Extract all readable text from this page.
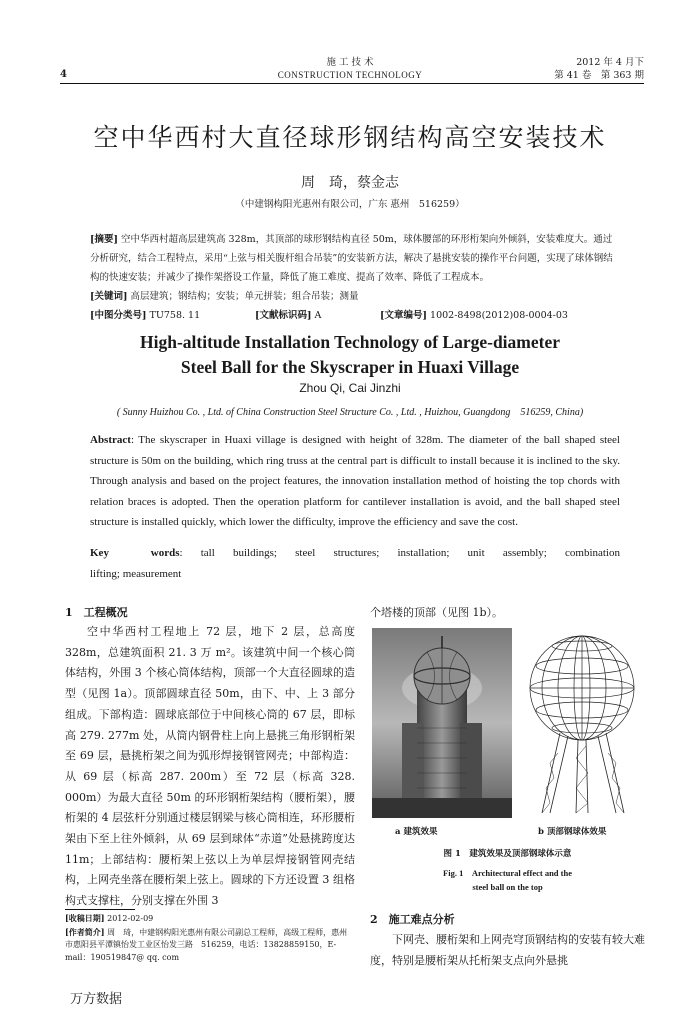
4
施 工 技 术
CONSTRUCTION TECHNOLOGY
2012 年 4 月下
第 41 卷　第 363 期
空中华西村大直径球形钢结构高空安装技术
周　琦，蔡金志
（中建钢构阳光惠州有限公司，广东 惠州　516259）
[摘要] 空中华西村超高层建筑高 328m，其顶部的球形钢结构直径 50m，球体腰部的环形桁架向外倾斜，安装难度大。通过分析研究，结合工程特点，采用“上弦与相关腹杆组合吊装”的安装新方法，解决了悬挑安装的操作平台问题，实现了球体钢结构的快速安装；并减少了操作架搭设工作量，降低了施工难度、提高了效率、降低了工程成本。
[关键词] 高层建筑；钢结构；安装；单元拼装；组合吊装；测量
[中图分类号] TU758. 11	[文献标识码] A	[文章编号] 1002-8498(2012)08-0004-03
High-altitude Installation Technology of Large-diameter
Steel Ball for the Skyscraper in Huaxi Village
Zhou Qi, Cai Jinzhi
( Sunny Huizhou Co. , Ltd. of China Construction Steel Structure Co. , Ltd. , Huizhou, Guangdong　516259, China)
Abstract: The skyscraper in Huaxi village is designed with height of 328m. The diameter of the ball shaped steel structure is 50m on the building, which ring truss at the central part is difficult to install because it is inclined to the sky. Through analysis and based on the project features, the innovation installation method of hoisting the top chords with relation braces is adopted. Then the operation platform for cantilever installation is avoid, and the ball shaped steel structure is installed quickly, which lower the difficulty, improve the efficiency and save the cost.
Key　words: tall buildings; steel structures; installation; unit assembly; combination
lifting; measurement
1　工程概况
空中华西村工程地上 72 层，地下 2 层，总高度 328m，总建筑面积 21. 3 万 m²。该建筑中间一个核心筒体结构，外围 3 个核心筒体结构，顶部一个大直径圆球的造型（见图 1a）。顶部圆球直径 50m，由下、中、上 3 部分组成。下部构造：圆球底部位于中间核心筒的 67 层，即标高 279. 277m 处，从筒内钢骨柱上向上悬挑三角形钢桁架至 69 层，悬挑桁架之间为弧形焊接钢管网壳；中部构造：从 69 层（标高 287. 200m）至 72 层（标高 328. 000m）为最大直径 50m 的环形钢桁架结构（腰桁架），腰桁架的 4 层弦杆分别通过楼层钢梁与核心筒相连，环形腰桁架由下至上往外倾斜，从 69 层到球体“赤道”处悬挑跨度达 11m；上部结构：腰桁架上弦以上为单层焊接钢管网壳结构，上网壳坐落在腰桁架上弦上。圆球的下方还设置 3 组格构式支撑柱，分别支撑在外围 3
[收稿日期] 2012-02-09
[作者简介] 周　琦，中建钢构阳光惠州有限公司副总工程师，高级工程师，惠州市惠阳县平潭镇怡发工业区怡发三路　516259，电话：13828859150，E-mail：190519847@ qq. com
个塔楼的顶部（见图 1b）。
a 建筑效果	b 顶部钢球体效果
图 1　建筑效果及顶部钢球体示意
Fig. 1　Architectural effect and the
steel ball on the top
2　施工难点分析
下网壳、腰桁架和上网壳穹顶钢结构的安装有较大难度，特别是腰桁架从托桁架支点向外悬挑
万方数据
